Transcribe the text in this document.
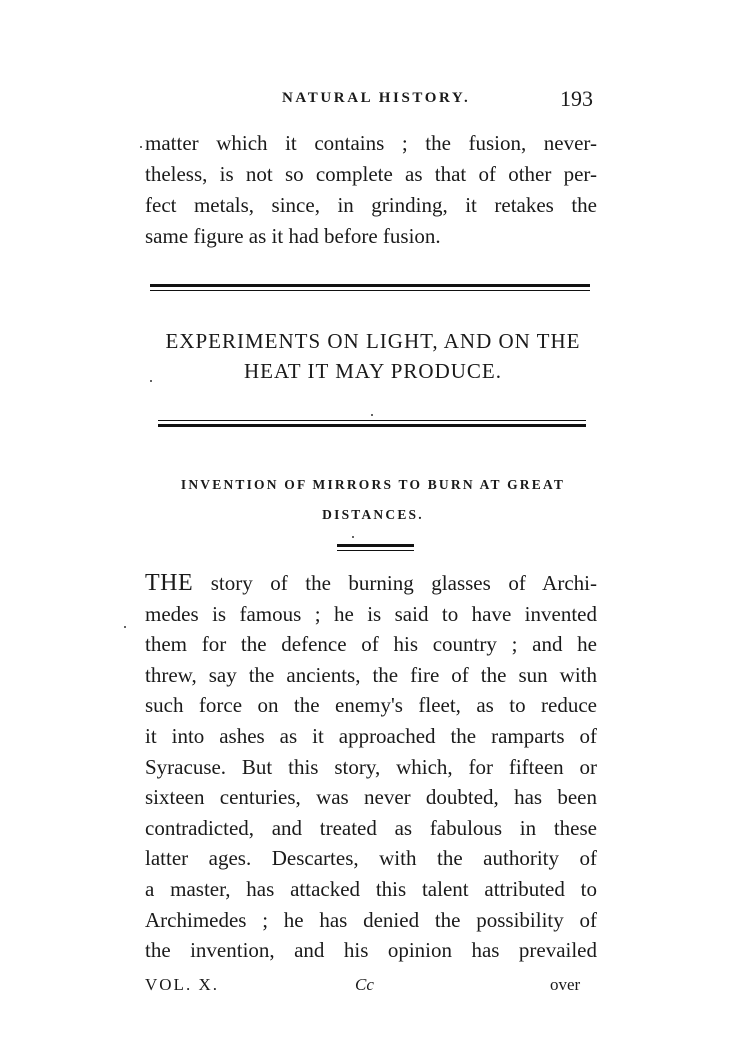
NATURAL HISTORY.	193
matter which it contains ; the fusion, never-
theless, is not so complete as that of other per-
fect metals, since, in grinding, it retakes the
same figure as it had before fusion.
EXPERIMENTS ON LIGHT, AND ON THE
HEAT IT MAY PRODUCE.
INVENTION OF MIRRORS TO BURN AT GREAT
DISTANCES.
THE story of the burning glasses of Archi-
medes is famous ; he is said to have invented
them for the defence of his country ; and he
threw, say the ancients, the fire of the sun with
such force on the enemy's fleet, as to reduce
it into ashes as it approached the ramparts of
Syracuse. But this story, which, for fifteen or
sixteen centuries, was never doubted, has been
contradicted, and treated as fabulous in these
latter ages. Descartes, with the authority of
a master, has attacked this talent attributed to
Archimedes ; he has denied the possibility of
the invention, and his opinion has prevailed
VOL. X.	Cc	over
